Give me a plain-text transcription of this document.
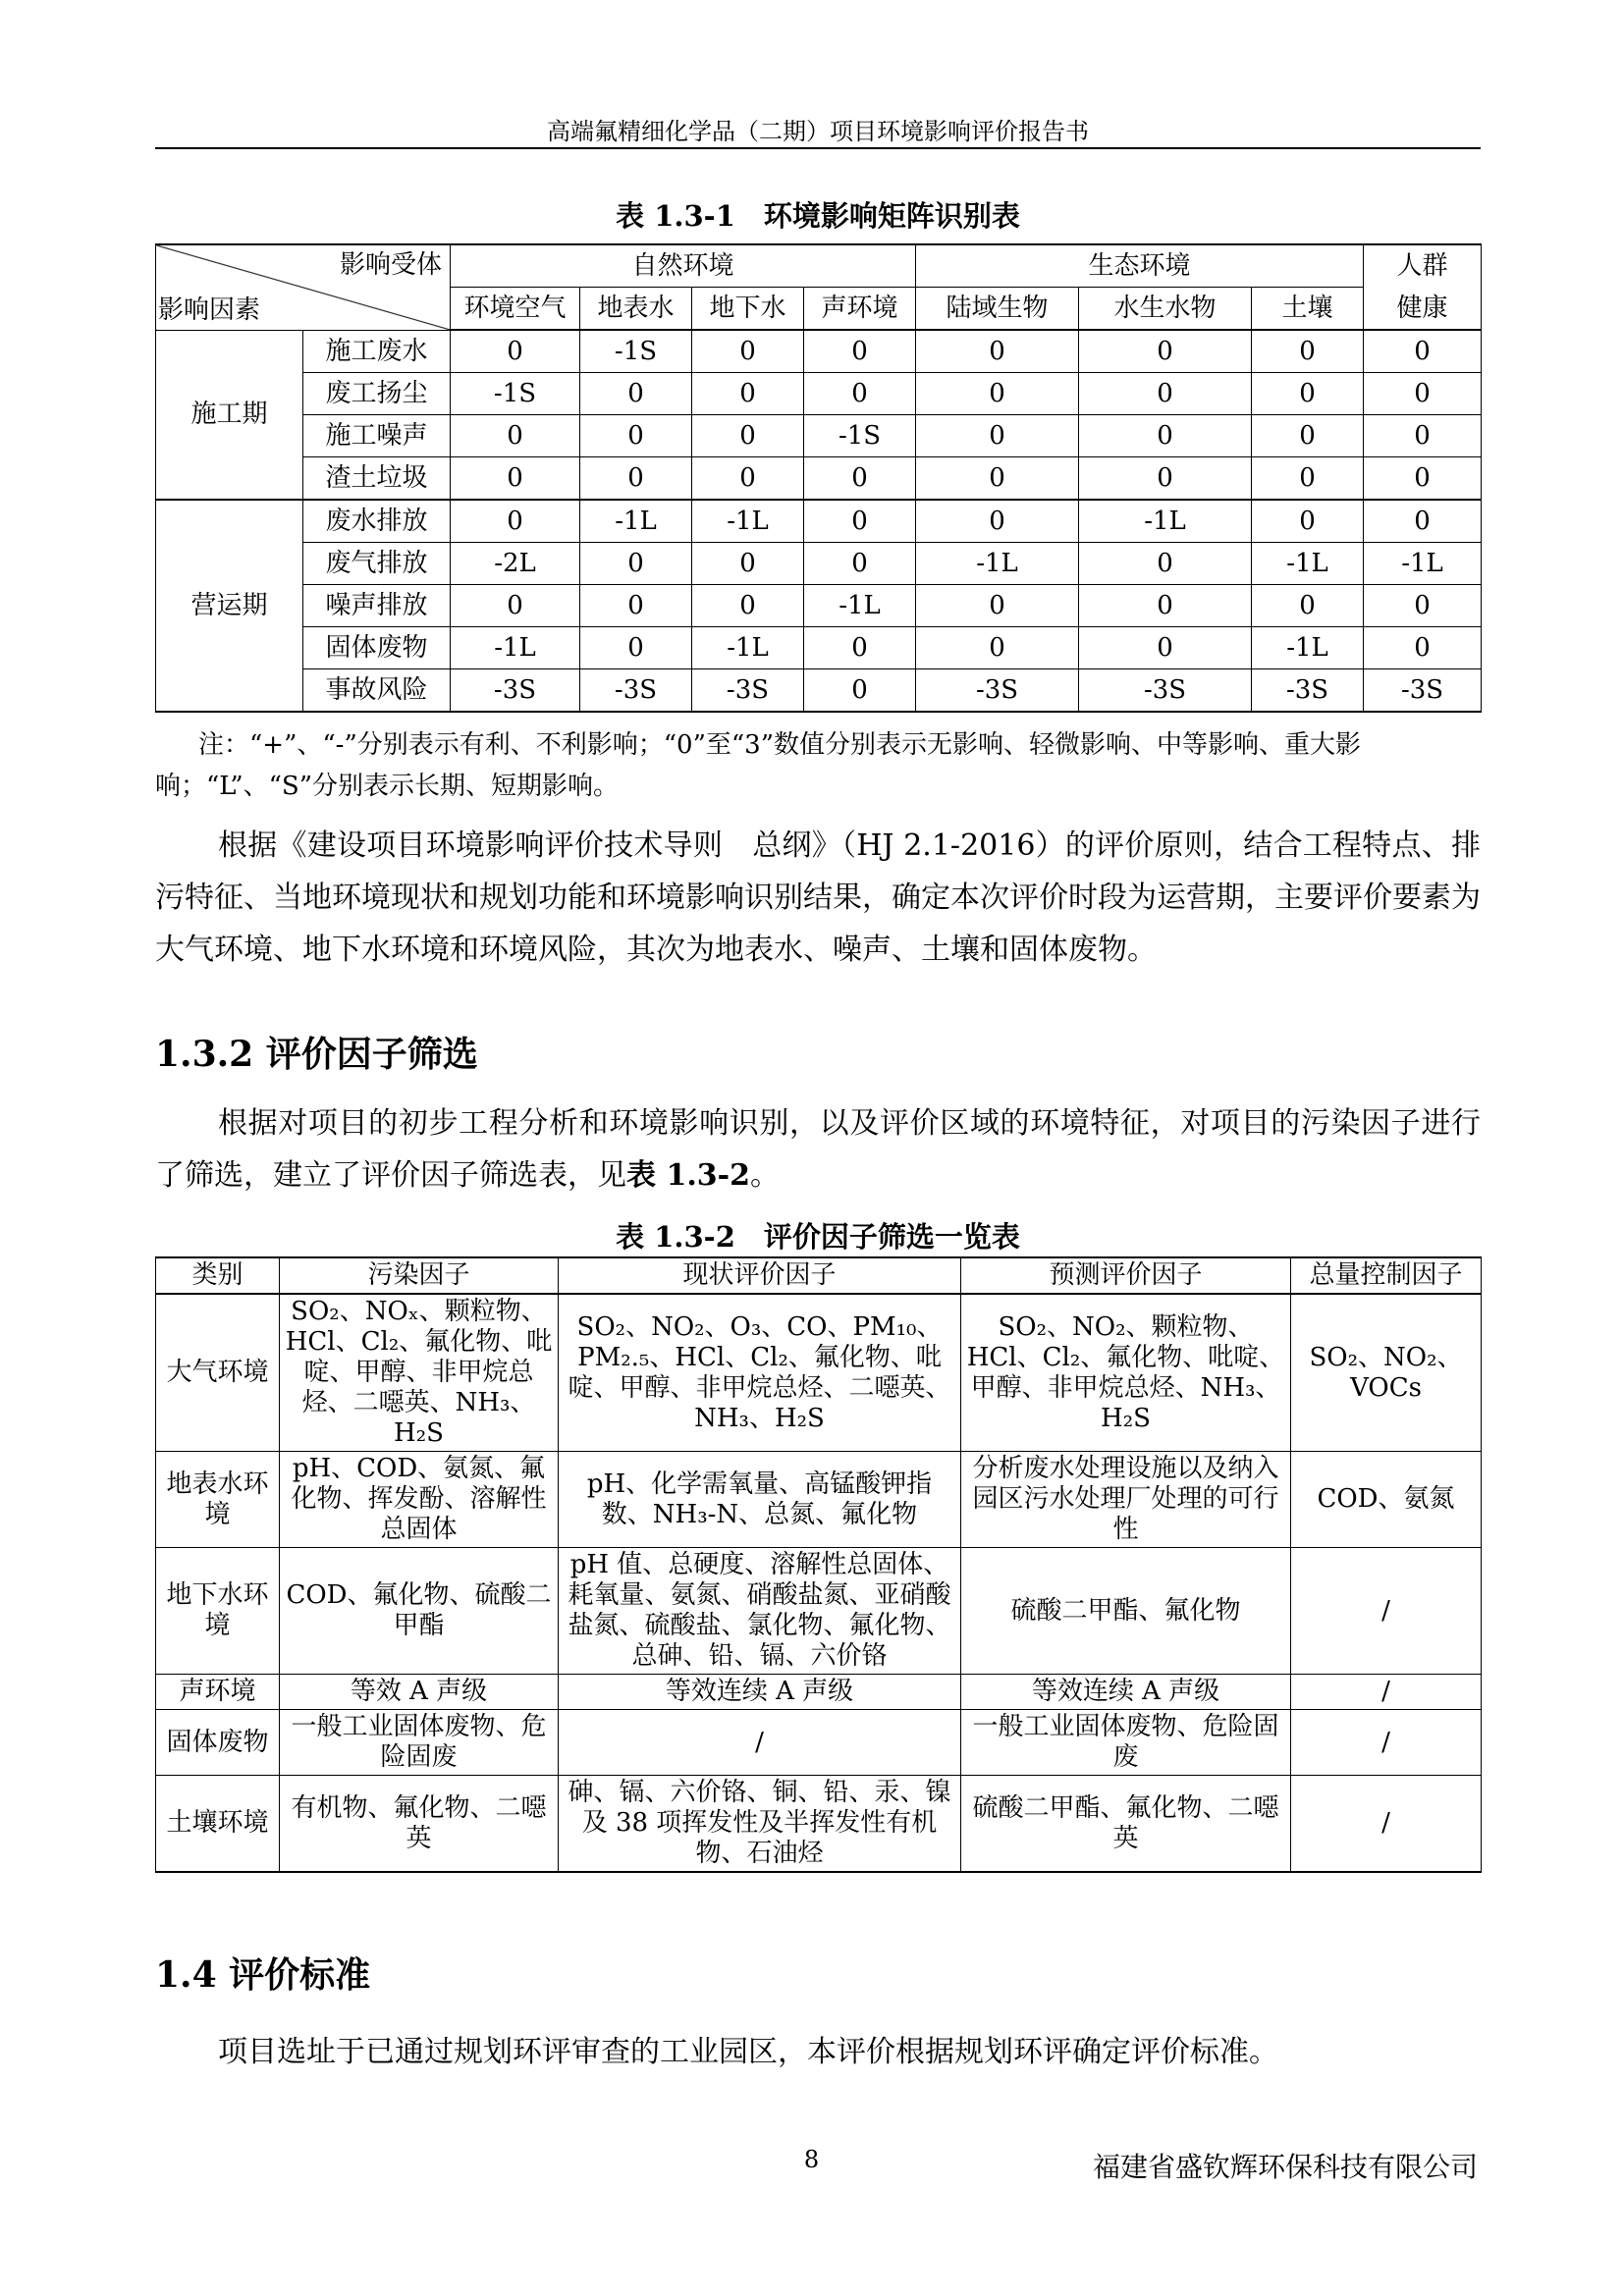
高端氟精细化学品（二期）项目环境影响评价报告书
表 1.3-1　环境影响矩阵识别表
影响受体
影响因素		自然环境				生态环境			人群
		环境空气	地表水	地下水	声环境	陆域生物	水生水物	土壤	健康
施工期	施工废水	0	-1S	0	0	0	0	0	0
	废工扬尘	-1S	0	0	0	0	0	0	0
	施工噪声	0	0	0	-1S	0	0	0	0
	渣土垃圾	0	0	0	0	0	0	0	0
营运期	废水排放	0	-1L	-1L	0	0	-1L	0	0
	废气排放	-2L	0	0	0	-1L	0	-1L	-1L
	噪声排放	0	0	0	-1L	0	0	0	0
	固体废物	-1L	0	-1L	0	0	0	-1L	0
	事故风险	-3S	-3S	-3S	0	-3S	-3S	-3S	-3S
注：“+”、“-”分别表示有利、不利影响；“0”至“3”数值分别表示无影响、轻微影响、中等影响、重大影响；“L”、“S”分别表示长期、短期影响。
根据《建设项目环境影响评价技术导则　总纲》（HJ 2.1-2016）的评价原则，结合工程特点、排污特征、当地环境现状和规划功能和环境影响识别结果，确定本次评价时段为运营期，主要评价要素为大气环境、地下水环境和环境风险，其次为地表水、噪声、土壤和固体废物。
1.3.2 评价因子筛选
根据对项目的初步工程分析和环境影响识别，以及评价区域的环境特征，对项目的污染因子进行了筛选，建立了评价因子筛选表，见表 1.3-2。
表 1.3-2　评价因子筛选一览表
类别	污染因子	现状评价因子	预测评价因子	总量控制因子
大气环境	SO₂、NOₓ、颗粒物、HCl、Cl₂、氟化物、吡啶、甲醇、非甲烷总烃、二噁英、NH₃、H₂S	SO₂、NO₂、O₃、CO、PM₁₀、PM₂.₅、HCl、Cl₂、氟化物、吡啶、甲醇、非甲烷总烃、二噁英、NH₃、H₂S	SO₂、NO₂、颗粒物、HCl、Cl₂、氟化物、吡啶、甲醇、非甲烷总烃、NH₃、H₂S	SO₂、NO₂、VOCs
地表水环境	pH、COD、氨氮、氟化物、挥发酚、溶解性总固体	pH、化学需氧量、高锰酸钾指数、NH₃-N、总氮、氟化物	分析废水处理设施以及纳入园区污水处理厂处理的可行性	COD、氨氮
地下水环境	COD、氟化物、硫酸二甲酯	pH 值、总硬度、溶解性总固体、耗氧量、氨氮、硝酸盐氮、亚硝酸盐氮、硫酸盐、氯化物、氟化物、总砷、铅、镉、六价铬	硫酸二甲酯、氟化物	/
声环境	等效 A 声级	等效连续 A 声级	等效连续 A 声级	/
固体废物	一般工业固体废物、危险固废	/	一般工业固体废物、危险固废	/
土壤环境	有机物、氟化物、二噁英	砷、镉、六价铬、铜、铅、汞、镍及 38 项挥发性及半挥发性有机物、石油烃	硫酸二甲酯、氟化物、二噁英	/
1.4 评价标准
项目选址于已通过规划环评审查的工业园区，本评价根据规划环评确定评价标准。
8	福建省盛钦辉环保科技有限公司
